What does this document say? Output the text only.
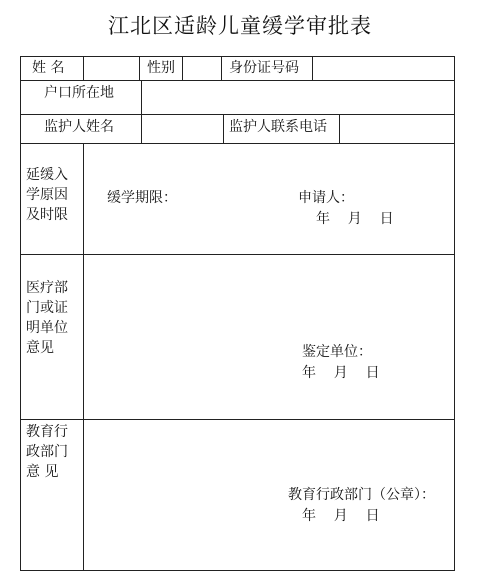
江北区适龄儿童缓学审批表
姓 名	性别	身份证号码
户口所在地
监护人姓名	监护人联系电话
延缓入学原因及时限
缓学期限：	申请人：
年    月    日
医疗部门或证明单位意见	鉴定单位：
年    月    日
教育行政部门意 见
教育行政部门（公章）：
年    月    日
